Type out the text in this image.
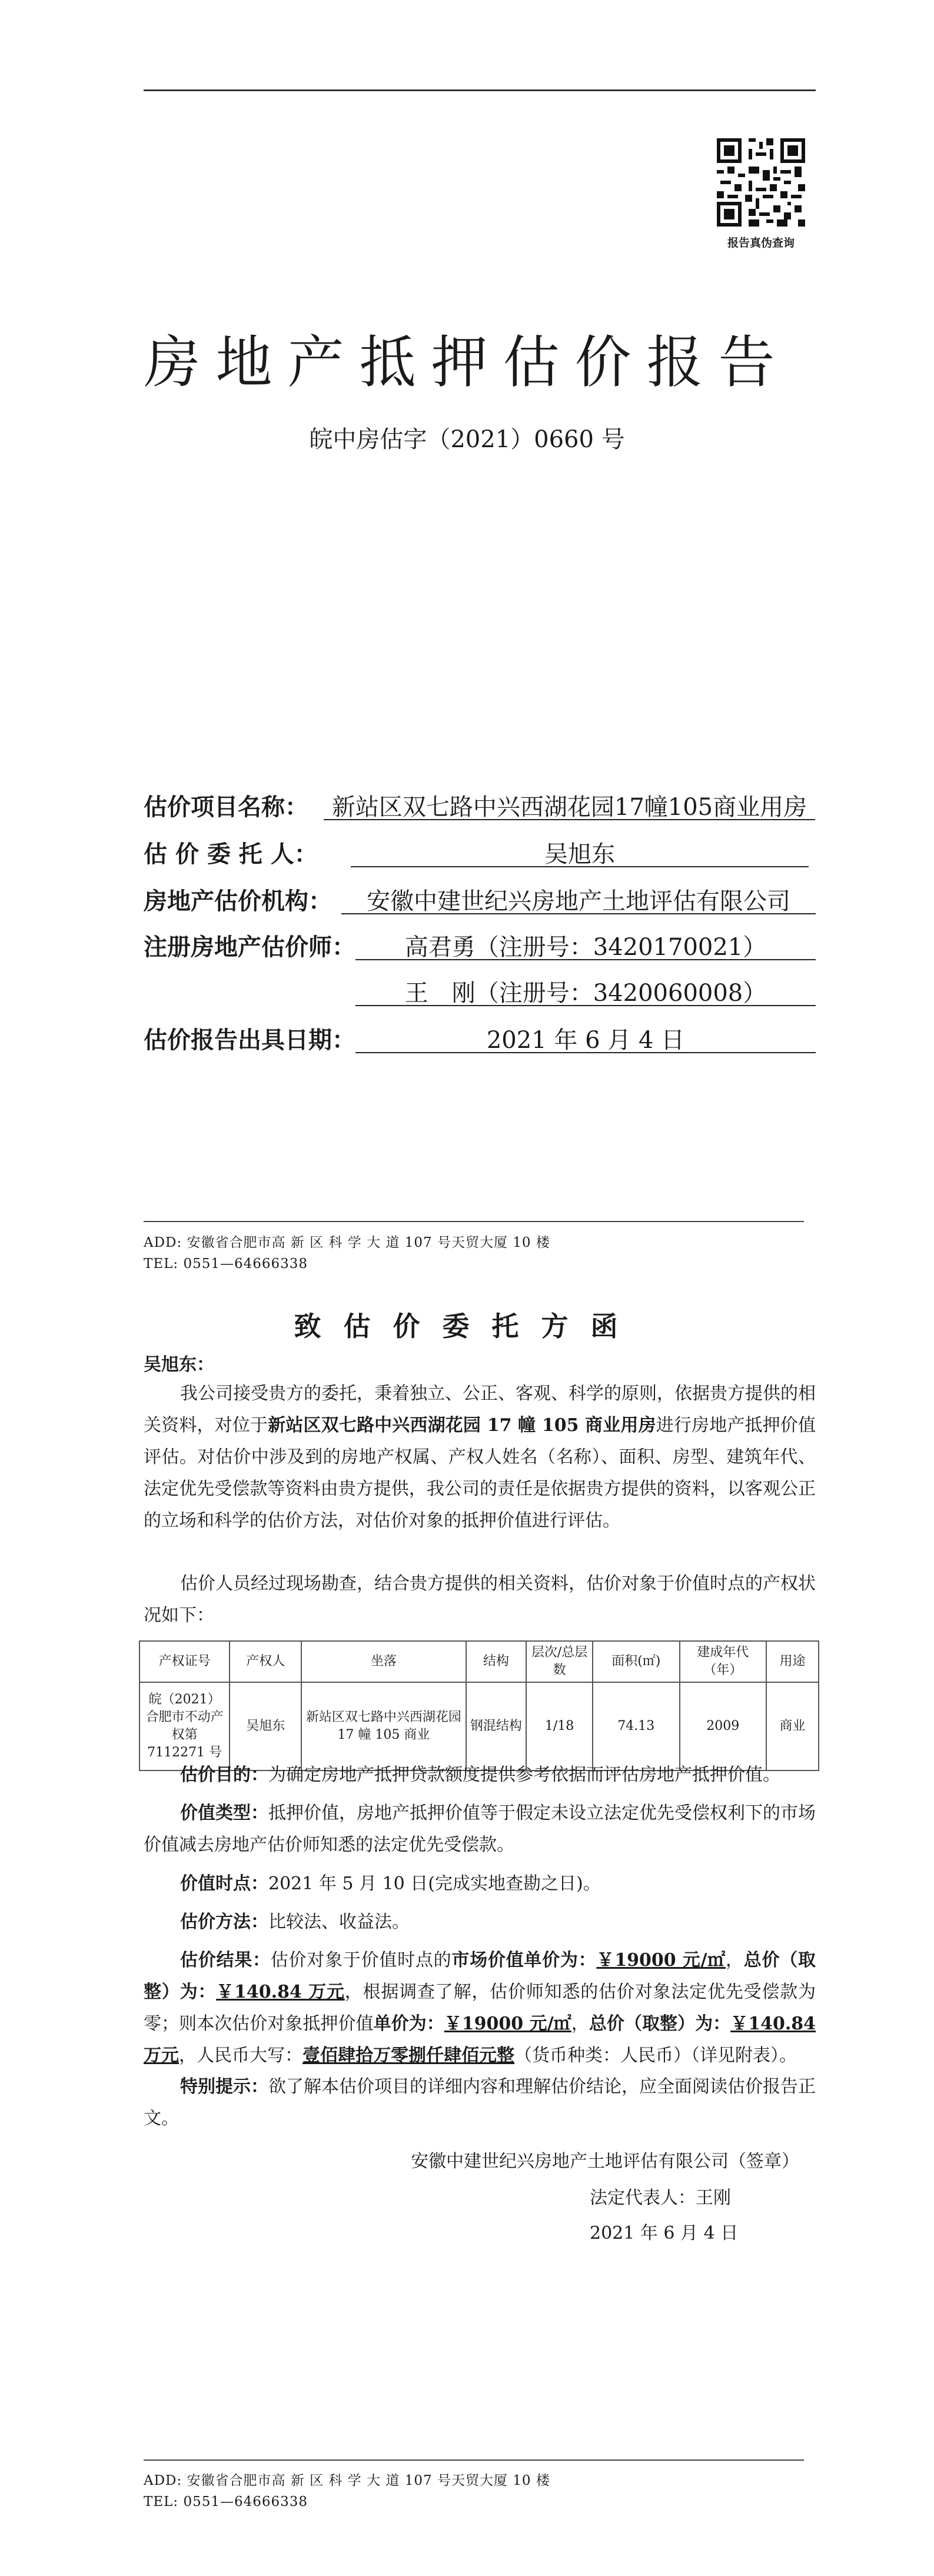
报告真伪查询
房地产抵押估价报告
皖中房估字（2021）0660 号
估价项目名称： 新站区双七路中兴西湖花园17幢105商业用房
估 价 委 托 人：	吴旭东
房地产估价机构：	安徽中建世纪兴房地产土地评估有限公司
注册房地产估价师：	高君勇（注册号：3420170021）
王　刚（注册号：3420060008）
估价报告出具日期：	2021 年 6 月 4 日
ADD: 安徽省合肥市高 新 区 科 学 大 道 107 号天贸大厦 10 楼
TEL: 0551—64666338
致估价委托方函
吴旭东：
我公司接受贵方的委托，秉着独立、公正、客观、科学的原则，依据贵方提供的相关资料，对位于新站区双七路中兴西湖花园 17 幢 105 商业用房进行房地产抵押价值评估。对估价中涉及到的房地产权属、产权人姓名（名称）、面积、房型、建筑年代、法定优先受偿款等资料由贵方提供，我公司的责任是依据贵方提供的资料，以客观公正的立场和科学的估价方法，对估价对象的抵押价值进行评估。
估价人员经过现场勘查，结合贵方提供的相关资料，估价对象于价值时点的产权状况如下：
产权证号	产权人	坐落	结构	层次/总层数	面积(㎡)	建成年代（年）	用途
皖（2021）合肥市不动产权第 7112271 号	吴旭东	新站区双七路中兴西湖花园 17 幢 105 商业	钢混结构	1/18	74.13	2009	商业
估价目的：为确定房地产抵押贷款额度提供参考依据而评估房地产抵押价值。
价值类型：抵押价值，房地产抵押价值等于假定未设立法定优先受偿权利下的市场价值减去房地产估价师知悉的法定优先受偿款。
价值时点：2021 年 5 月 10 日(完成实地查勘之日)。
估价方法：比较法、收益法。
估价结果：估价对象于价值时点的市场价值单价为：￥19000 元/㎡，总价（取整）为：￥140.84 万元，根据调查了解，估价师知悉的估价对象法定优先受偿款为零；则本次估价对象抵押价值单价为：￥19000 元/㎡，总价（取整）为：￥140.84 万元，人民币大写：壹佰肆拾万零捌仟肆佰元整（货币种类：人民币）（详见附表）。
特别提示：欲了解本估价项目的详细内容和理解估价结论，应全面阅读估价报告正文。
安徽中建世纪兴房地产土地评估有限公司（签章）
法定代表人：王刚
2021 年 6 月 4 日
ADD: 安徽省合肥市高 新 区 科 学 大 道 107 号天贸大厦 10 楼
TEL: 0551—64666338
